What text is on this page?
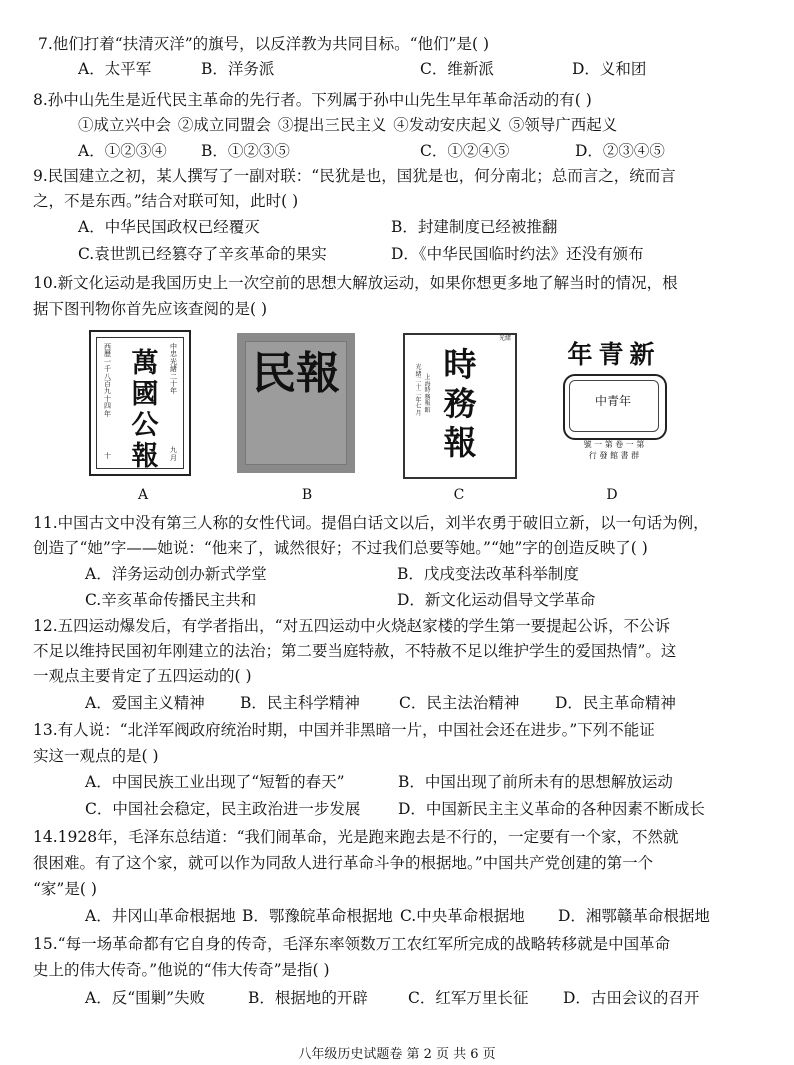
7.他们打着“扶清灭洋”的旗号，以反洋教为共同目标。“他们”是( )
A．太平军	B．洋务派	C．维新派	D．义和团
8.孙中山先生是近代民主革命的先行者。下列属于孙中山先生早年革命活动的有( )
①成立兴中会 ②成立同盟会 ③提出三民主义 ④发动安庆起义 ⑤领导广西起义
A．①②③④ B．①②③⑤	C．①②④⑤	D．②③④⑤
9.民国建立之初，某人撰写了一副对联：“民犹是也，国犹是也，何分南北；总而言之，统而言
之，不是东西。”结合对联可知，此时( )
A．中华民国政权已经覆灭	B．封建制度已经被推翻
C.袁世凯已经篡夺了辛亥革命的果实	D．《中华民国临时约法》还没有颁布
10.新文化运动是我国历史上一次空前的思想大解放运动，如果你想更多地了解当时的情况，根
据下图刊物你首先应该查阅的是( )
西歷一千八百九十四年
中忠光緒二十年
萬國公報
十
九月
民報
光緒
光緒二十二年七月
上海時務報館
時務報
年青新
中青年
號 一 第 卷 一 第
行 發 館 書 群
A	B	C	D
11.中国古文中没有第三人称的女性代词。提倡白话文以后，刘半农勇于破旧立新，以一句话为例，
创造了“她”字——她说：“他来了，诚然很好；不过我们总要等她。”“她”字的创造反映了( )
A．洋务运动创办新式学堂	B．戊戌变法改革科举制度
C.辛亥革命传播民主共和	D．新文化运动倡导文学革命
12.五四运动爆发后，有学者指出，“对五四运动中火烧赵家楼的学生第一要提起公诉，不公诉
不足以维持民国初年刚建立的法治；第二要当庭特赦，不特赦不足以维护学生的爱国热情”。这
一观点主要肯定了五四运动的( )
A．爱国主义精神 B．民主科学精神	C．民主法治精神 D．民主革命精神
13.有人说：“北洋军阀政府统治时期，中国并非黑暗一片，中国社会还在进步。”下列不能证
实这一观点的是( )
A．中国民族工业出现了“短暂的春天”	B．中国出现了前所未有的思想解放运动
C．中国社会稳定，民主政治进一步发展 D．中国新民主主义革命的各种因素不断成长
14.1928年，毛泽东总结道：“我们闹革命，光是跑来跑去是不行的，一定要有一个家，不然就
很困难。有了这个家，就可以作为同敌人进行革命斗争的根据地。”中国共产党创建的第一个
“家”是( )
A．井冈山革命根据地 B．鄂豫皖革命根据地 C.中央革命根据地 D．湘鄂赣革命根据地
15.“每一场革命都有它自身的传奇，毛泽东率领数万工农红军所完成的战略转移就是中国革命
史上的伟大传奇。”他说的“伟大传奇”是指( )
A．反“围剿”失败	B．根据地的开辟	C．红军万里长征 D．古田会议的召开
八年级历史试题卷 第 2 页 共 6 页
